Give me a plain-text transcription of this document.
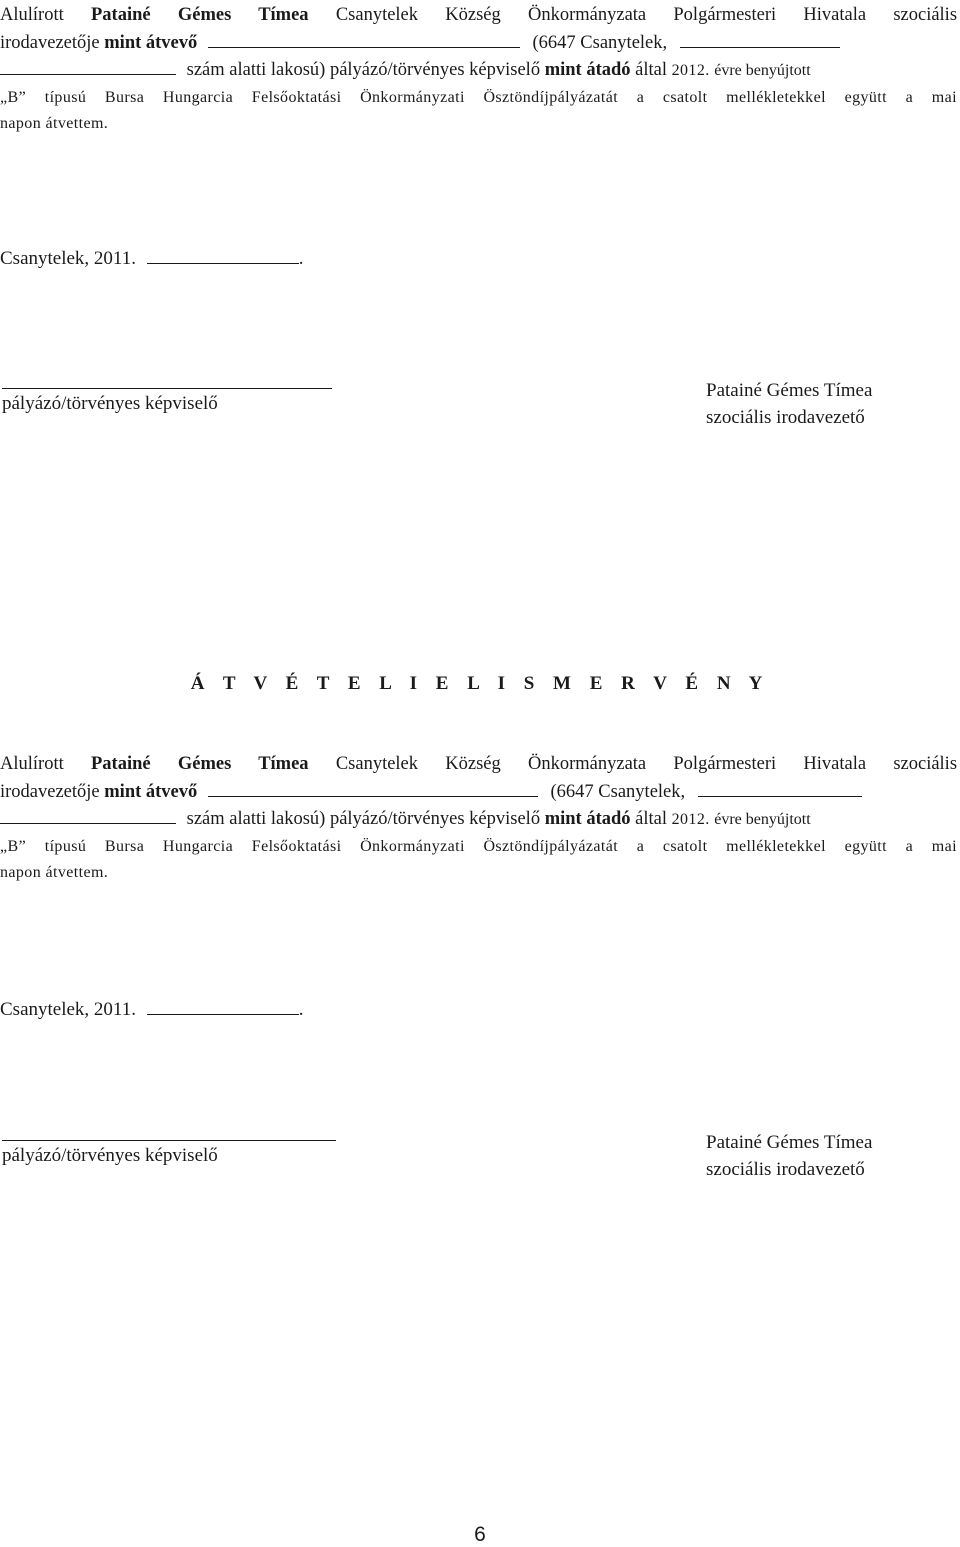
Alulírott Patainé Gémes Tímea Csanytelek Község Önkormányzata Polgármesteri Hivatala szociális
irodavezetője mint átvevő	(6647 Csanytelek,
szám alatti lakosú) pályázó/törvényes képviselő mint átadó által 2012. évre benyújtott
„B” típusú Bursa Hungarcia Felsőoktatási Önkormányzati Ösztöndíjpályázatát a csatolt mellékletekkel együtt a mai
napon átvettem.

Csanytelek, 2011.	.
pályázó/törvényes képviselő
Patainé Gémes Tímea
szociális irodavezető
Á T V É T E L I E L I S M E R V É N Y

Alulírott Patainé Gémes Tímea Csanytelek Község Önkormányzata Polgármesteri Hivatala szociális
irodavezetője mint átvevő	(6647 Csanytelek,
szám alatti lakosú) pályázó/törvényes képviselő mint átadó által 2012. évre benyújtott
„B” típusú Bursa Hungarcia Felsőoktatási Önkormányzati Ösztöndíjpályázatát a csatolt mellékletekkel együtt a mai
napon átvettem.

Csanytelek, 2011.	.
pályázó/törvényes képviselő
Patainé Gémes Tímea
szociális irodavezető
6
